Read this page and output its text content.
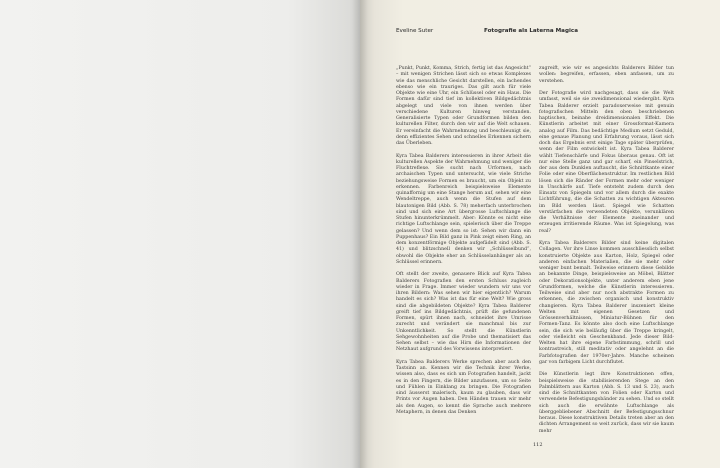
Eveline Suter	Fotografie als Laterna Magica

„Punkt, Punkt, Komma, Strich, fertig ist das Angesicht“ – mit wenigen Strichen lässt sich so etwas Komplexes wie das menschliche Gesicht darstellen, ein lachendes ebenso wie ein trauriges. Das gilt auch für viele Objekte wie eine Uhr, ein Schlüssel oder ein Haus. Die Formen dafür sind tief im kollektiven Bildgedächtnis abgelegt und viele von ihnen werden über verschiedene Kulturen hinweg verstanden. Generalisierte Typen oder Grundformen bilden den kulturellen Filter, durch den wir auf die Welt schauen. Er vereinfacht die Wahrnehmung und beschleunigt sie, denn effizientes Sehen und schnelles Erkennen sichern das Überleben.

Kyra Tabea Balderers interessieren in ihrer Arbeit die kulturellen Aspekte der Wahrnehmung und weniger die Fluchtreflexe. Sie sucht nach Urformen, nach archaischen Typen und untersucht, wie viele Striche beziehungsweise Formen es braucht, um ein Objekt zu erkennen. Farbenreich beispielsweise Elemente quinaffornig um eine Stange herum auf, sehen wir eine Wendeltreppe, auch wenn die Stufen auf dem blautonigen Bild (Abb. S. 78) meherfach unterbrochen sind und sich eine Art übergrosse Luftschlange die Stufen hinunterkrümmelt. Aber: Könnte es nicht eine richtige Luftschlange sein, spielerisch über die Treppe gelassen? Und wenn dem so ist: Sehen wir dann ein Puppenhaus? Ein Bild ganz in Pink zeigt einen Ring, an dem konzentförmige Objekte aufgefädelt sind (Abb. S. 41) und blitzschnell denken wir „Schlüsselbund“, obwohl die Objekte eher an Schlüsselanhänger als an Schlüssel erinnern.

Oft stellt der zweite, genauere Blick auf Kyra Tabea Balderers Fotografien den ersten Schluss zugleich wieder in Frage. Immer wieder wundern wir uns vor ihren Bildern: Was sehen wir hier eigentlich? Warum handelt es sich? Was ist das für eine Welt? Wie gross sind die abgebildeten Objekte? Kyra Tabea Balderer greift tief ins Bildgedächtnis, prüft die gefundenen Formen, spürt ihnen nach, schneidet ihre Umrisse zurecht und verändert sie manchmal bis zur Unkenntlichkeit. So stellt die Künstlerin Sehgewohnheiten auf die Probe und thematisiert das Sehen selbst – wie das Hirn die Informationen der Netzhaut aufgrund des Vorwissens interpretiert.

Kyra Tabea Balderers Werke sprechen aber auch den Tastsinn an. Kennen wir die Technik ihrer Werke, wissen also, dass es sich um Fotografien handelt, jackt es in den Fingern, die Bilder anzufassen, um so Seite und Fühlen in Einklang zu bringen. Die Fotografien sind äusserst malerisch, kaum zu glauben, dass wir Prints vor Augen haben. Den Händen trauen wir mehr als den Augen, so kennt die Sprache auch mehrere Metaphern, in denen das Denken

zugreift, wie wir es angesichts Balderers Bilder tun wollen: begreifen, erfassen, eben anfassen, um zu verstehen.

Der Fotografie wird nachgesagt, dass sie die Welt umfasst, weil sie sie zweidimensional wiedergibt. Kyra Tabea Balderer erzielt paradoxerweise mit genuin fotografischen Mitteln den oben beschriebenen haptischen, beinahe dreidimensionalen Effekt. Die Künstlerin arbeitet mit einer Grossformat-Kamera analog auf Film. Das bedächtige Medium setzt Geduld, eine genaue Planung und Erfahrung voraus, lässt sich doch das Ergebnis erst einige Tage später überprüfen, wenn der Film entwickelt ist. Kyra Tabea Balderer wählt Tiefenschärfe und Fokus überaus genau. Oft ist nur eine Stelle ganz und gar scharf, ein Pinselstrich, der aus dem Dunklen auftaucht, die Schnittkante einer Folie oder eine Oberflächenstruktur. Im restlichen Bild lösen sich die Ränder der Formen mehr oder weniger in Unschärfe auf. Tiefe entsteht zudem durch den Einsatz von Spiegeln und vor allem durch die exakte Lichtführung, die die Schatten zu wichtigen Akteuren im Bild werden lässt. Spiegel wie Schatten verstärfachen die verwendeten Objekte, verunklären die Verhältnisse der Elemente zueinander und erzeugen irritierende Räume. Was ist Spiegelung, was real?

Kyra Tabea Balderers Bilder sind keine digitalen Collagen. Vor ihre Linse kommen ausschliesslich selbst konstruierte Objekte aus Karton, Holz, Spiegel oder anderen einfachen Materialien, die sie mehr oder weniger bunt bemalt. Teilweise erinnern diese Gebilde an bekannte Dinge, beispielsweise an Möbel, Blätter oder Dekorationsobjekte, unter anderem eben jene Grundformen, welche die Künstlerin interessieren. Teilweise sind aber nur noch abstrakte Formen zu erkennen, die zwischen organisch und konstruktiv changieren. Kyra Tabea Balderer inszeniert kleine Welten mit eigenen Gesetzen und Grössenverhältnissen, Miniatur-Bühnen für den Formen-Tanz. Es könnte also doch eine Luftschlange sein, die sich wie beiläufig über die Treppe kringelt, oder vielleicht ein Geschenkband. Jede dieser Bild-Welten hat ihre eigene Farbstimmung, schrill und kontrastreich, still meditativ oder angelehnt an die Farbfotografien der 1970er-Jahre. Manche scheinen gar von farbigem Licht durchflutet.

Die Künstlerin legt ihre Konstruktionen offen, beispielsweise die stabilisierenden Stege an den Palmblättern aus Karton (Abb. S. 13 und S. 23), auch sind die Schnittkanten von Folien oder Karton und verwendete Befestigungsbänder zu sehen. Und so stellt sich auch die erwähnte Luftschlange als überggebliebener Abschnitt der Befestigungsschnur heraus. Diese konstruktiven Details treten aber an den dichten Arrangement so weit zurück, dass wir sie kaum mehr

112
